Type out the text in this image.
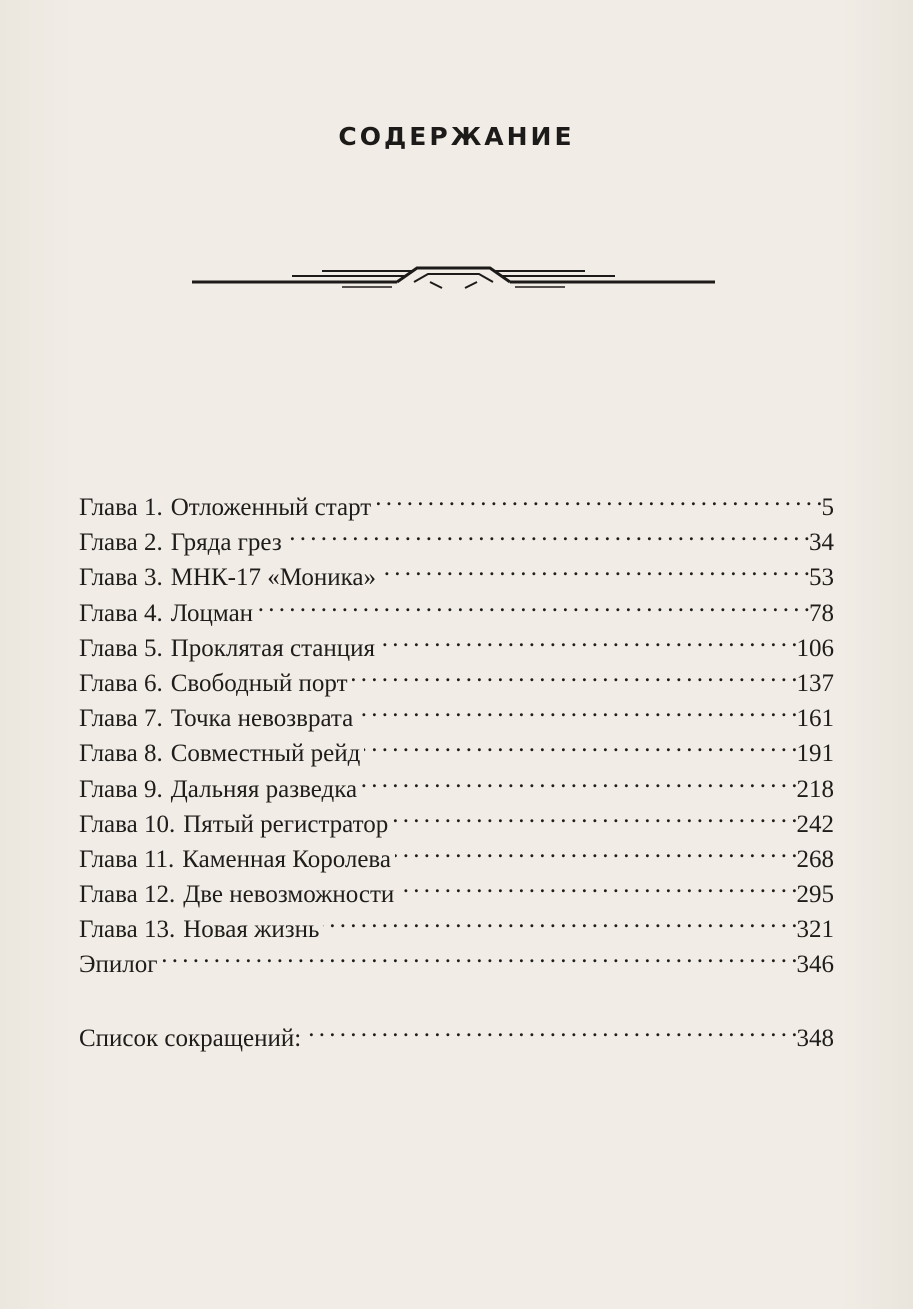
СОДЕРЖАНИЕ
Глава 1. Отложенный старт . . .	5
Глава 2. Гряда грез . . .	34
Глава 3. МНК-17 «Моника» . . .	53
Глава 4. Лоцман . . .	78
Глава 5. Проклятая станция . . .	106
Глава 6. Свободный порт . . .	137
Глава 7. Точка невозврата . . .	161
Глава 8. Совместный рейд . . .	191
Глава 9. Дальняя разведка . . .	218
Глава 10. Пятый регистратор . . .	242
Глава 11. Каменная Королева . . .	268
Глава 12. Две невозможности . . .	295
Глава 13. Новая жизнь . . .	321
Эпилог . . .	346
Список сокращений: . . .	348
